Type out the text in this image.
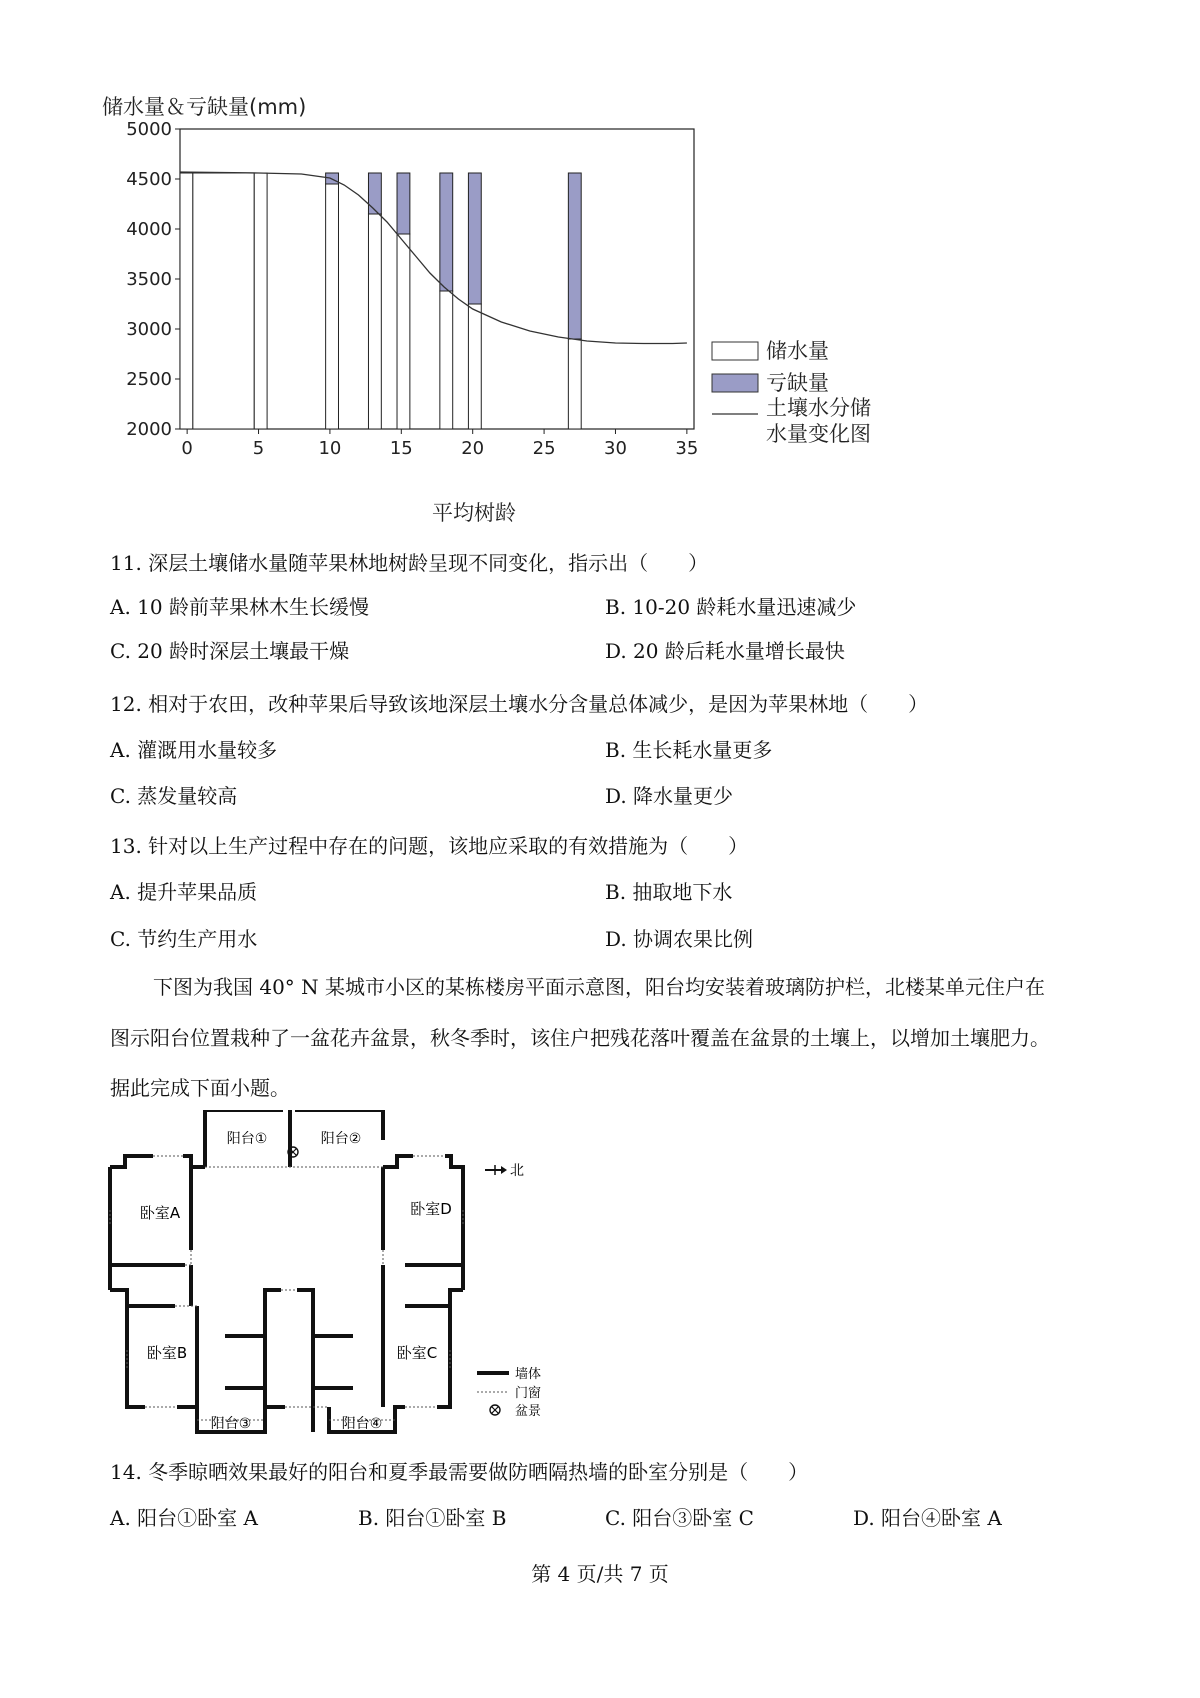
储水量＆亏缺量(mm)
5000
4500
4000
3500
3000
2500
2000
0	5	10	15	20	25	30	35
平均树龄
储水量
亏缺量
土壤水分储
水量变化图
11. 深层土壤储水量随苹果林地树龄呈现不同变化，指示出（　　）
A. 10 龄前苹果林木生长缓慢	B. 10-20 龄耗水量迅速减少
C. 20 龄时深层土壤最干燥	D. 20 龄后耗水量增长最快
12. 相对于农田，改种苹果后导致该地深层土壤水分含量总体减少，是因为苹果林地（　　）
A. 灌溉用水量较多	B. 生长耗水量更多
C. 蒸发量较高	D. 降水量更少
13. 针对以上生产过程中存在的问题，该地应采取的有效措施为（　　）
A. 提升苹果品质	B. 抽取地下水
C. 节约生产用水	D. 协调农果比例
下图为我国 40° N 某城市小区的某栋楼房平面示意图，阳台均安装着玻璃防护栏，北楼某单元住户在
图示阳台位置栽种了一盆花卉盆景，秋冬季时，该住户把残花落叶覆盖在盆景的土壤上，以增加土壤肥力。
据此完成下面小题。
阳台①	阳台②
阳台③	阳台④
卧室A
卧室B	卧室C
卧室D
北
墙体
门窗
盆景
14. 冬季晾晒效果最好的阳台和夏季最需要做防晒隔热墙的卧室分别是（　　）
A. 阳台①卧室 A	B. 阳台①卧室 B	C. 阳台③卧室 C	D. 阳台④卧室 A
第 4 页/共 7 页
